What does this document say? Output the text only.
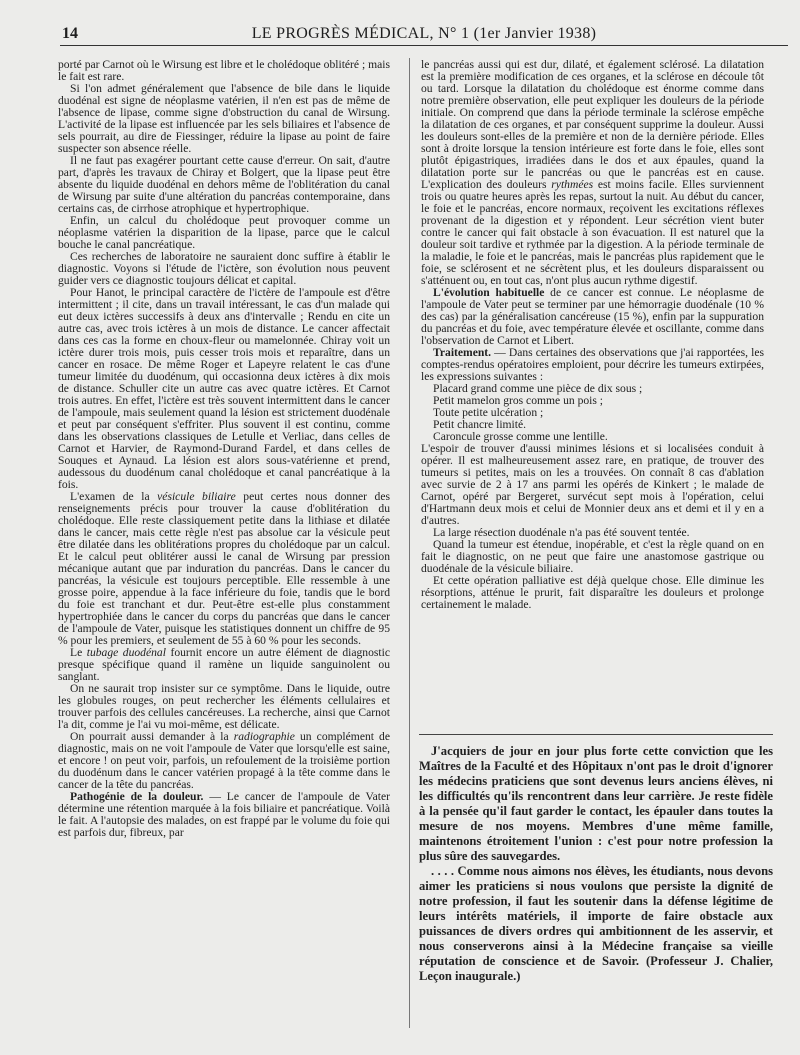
14	LE PROGRÈS MÉDICAL, N° 1 (1er Janvier 1938)

porté par Carnot où le Wirsung est libre et le cholédoque oblitéré ; mais le fait est rare.

Si l'on admet généralement que l'absence de bile dans le liquide duodénal est signe de néoplasme vatérien, il n'en est pas de même de l'absence de lipase, comme signe d'obstruction du canal de Wirsung. L'activité de la lipase est influencée par les sels biliaires et l'absence de sels pourrait, au dire de Fiessinger, réduire la lipase au point de faire suspecter son absence réelle.

Il ne faut pas exagérer pourtant cette cause d'erreur. On sait, d'autre part, d'après les travaux de Chiray et Bolgert, que la lipase peut être absente du liquide duodénal en dehors même de l'oblitération du canal de Wirsung par suite d'une altération du pancréas contemporaine, dans certains cas, de cirrhose atrophique et hypertrophique.

Enfin, un calcul du cholédoque peut provoquer comme un néoplasme vatérien la disparition de la lipase, parce que le calcul bouche le canal pancréatique.

Ces recherches de laboratoire ne sauraient donc suffire à établir le diagnostic. Voyons si l'étude de l'ictère, son évolution nous peuvent guider vers ce diagnostic toujours délicat et capital.

Pour Hanot, le principal caractère de l'ictère de l'ampoule est d'être intermittent ; il cite, dans un travail intéressant, le cas d'un malade qui eut deux ictères successifs à deux ans d'intervalle ; Rendu en cite un autre cas, avec trois ictères à un mois de distance. Le cancer affectait dans ces cas la forme en choux-fleur ou mamelonnée. Chiray voit un ictère durer trois mois, puis cesser trois mois et reparaître, dans un cancer en rosace. De même Roger et Lapeyre relatent le cas d'une tumeur limitée du duodénum, qui occasionna deux ictères à dix mois de distance. Schuller cite un autre cas avec quatre ictères. Et Carnot trois autres. En effet, l'ictère est très souvent intermittent dans le cancer de l'ampoule, mais seulement quand la lésion est strictement duodénale et peut par conséquent s'effriter. Plus souvent il est continu, comme dans les observations classiques de Letulle et Verliac, dans celles de Carnot et Harvier, de Raymond-Durand Fardel, et dans celles de Souques et Aynaud. La lésion est alors sous-vatérienne et prend, audessous du duodénum canal cholédoque et canal pancréatique à la fois.

L'examen de la vésicule biliaire peut certes nous donner des renseignements précis pour trouver la cause d'oblitération du cholédoque. Elle reste classiquement petite dans la lithiase et dilatée dans le cancer, mais cette règle n'est pas absolue car la vésicule peut être dilatée dans les oblitérations propres du cholédoque par un calcul. Et le calcul peut oblitérer aussi le canal de Wirsung par pression mécanique autant que par induration du pancréas. Dans le cancer du pancréas, la vésicule est toujours perceptible. Elle ressemble à une grosse poire, appendue à la face inférieure du foie, tandis que le bord du foie est tranchant et dur. Peut-être est-elle plus constamment hypertrophiée dans le cancer du corps du pancréas que dans le cancer de l'ampoule de Vater, puisque les statistiques donnent un chiffre de 95 % pour les premiers, et seulement de 55 à 60 % pour les seconds.

Le tubage duodénal fournit encore un autre élément de diagnostic presque spécifique quand il ramène un liquide sanguinolent ou sanglant.

On ne saurait trop insister sur ce symptôme. Dans le liquide, outre les globules rouges, on peut rechercher les éléments cellulaires et trouver parfois des cellules cancéreuses. La recherche, ainsi que Carnot l'a dit, comme je l'ai vu moi-même, est délicate.

On pourrait aussi demander à la radiographie un complément de diagnostic, mais on ne voit l'ampoule de Vater que lorsqu'elle est saine, et encore ! on peut voir, parfois, un refoulement de la troisième portion du duodénum dans le cancer vatérien propagé à la tête comme dans le cancer de la tête du pancréas.

Pathogénie de la douleur. — Le cancer de l'ampoule de Vater détermine une rétention marquée à la fois biliaire et pancréatique. Voilà le fait. A l'autopsie des malades, on est frappé par le volume du foie qui est parfois dur, fibreux, par

le pancréas aussi qui est dur, dilaté, et également sclérosé. La dilatation est la première modification de ces organes, et la sclérose en découle tôt ou tard. Lorsque la dilatation du cholédoque est énorme comme dans notre première observation, elle peut expliquer les douleurs de la période initiale. On comprend que dans la période terminale la sclérose empêche la dilatation de ces organes, et par conséquent supprime la douleur. Aussi les douleurs sont-elles de la première et non de la dernière période. Elles sont à droite lorsque la tension intérieure est forte dans le foie, elles sont plutôt épigastriques, irradiées dans le dos et aux épaules, quand la dilatation porte sur le pancréas ou que le pancréas est en cause. L'explication des douleurs rythmées est moins facile. Elles surviennent trois ou quatre heures après les repas, surtout la nuit. Au début du cancer, le foie et le pancréas, encore normaux, reçoivent les excitations réflexes provenant de la digestion et y répondent. Leur sécrétion vient buter contre le cancer qui fait obstacle à son évacuation. Il est naturel que la douleur soit tardive et rythmée par la digestion. A la période terminale de la maladie, le foie et le pancréas, mais le pancréas plus rapidement que le foie, se sclérosent et ne sécrètent plus, et les douleurs disparaissent ou s'atténuent ou, en tout cas, n'ont plus aucun rythme digestif.

L'évolution habituelle de ce cancer est connue. Le néoplasme de l'ampoule de Vater peut se terminer par une hémorragie duodénale (10 % des cas) par la généralisation cancéreuse (15 %), enfin par la suppuration du pancréas et du foie, avec température élevée et oscillante, comme dans l'observation de Carnot et Libert.

Traitement. — Dans certaines des observations que j'ai rapportées, les comptes-rendus opératoires emploient, pour décrire les tumeurs extirpées, les expressions suivantes :

Placard grand comme une pièce de dix sous ;
Petit mamelon gros comme un pois ;
Toute petite ulcération ;
Petit chancre limité.
Caroncule grosse comme une lentille.

L'espoir de trouver d'aussi minimes lésions et si localisées conduit à opérer. Il est malheureusement assez rare, en pratique, de trouver des tumeurs si petites, mais on les a trouvées. On connaît 8 cas d'ablation avec survie de 2 à 17 ans parmi les opérés de Kinkert ; le malade de Carnot, opéré par Bergeret, survécut sept mois à l'opération, celui d'Hartmann deux mois et celui de Monnier deux ans et demi et il y en a d'autres.

La large résection duodénale n'a pas été souvent tentée.

Quand la tumeur est étendue, inopérable, et c'est la règle quand on en fait le diagnostic, on ne peut que faire une anastomose gastrique ou duodénale de la vésicule biliaire.

Et cette opération palliative est déjà quelque chose. Elle diminue les résorptions, atténue le prurit, fait disparaître les douleurs et prolonge certainement le malade.

J'acquiers de jour en jour plus forte cette conviction que les Maîtres de la Faculté et des Hôpitaux n'ont pas le droit d'ignorer les médecins praticiens que sont devenus leurs anciens élèves, ni les difficultés qu'ils rencontrent dans leur carrière. Je reste fidèle à la pensée qu'il faut garder le contact, les épauler dans toutes la mesure de nos moyens. Membres d'une même famille, maintenons étroitement l'union : c'est pour notre profession la plus sûre des sauvegardes.

. . . . Comme nous aimons nos élèves, les étudiants, nous devons aimer les praticiens si nous voulons que persiste la dignité de notre profession, il faut les soutenir dans la défense légitime de leurs intérêts matériels, il importe de faire obstacle aux puissances de divers ordres qui ambitionnent de les asservir, et nous conserverons ainsi à la Médecine française sa vieille réputation de conscience et de Savoir. (Professeur J. Chalier, Leçon inaugurale.)
